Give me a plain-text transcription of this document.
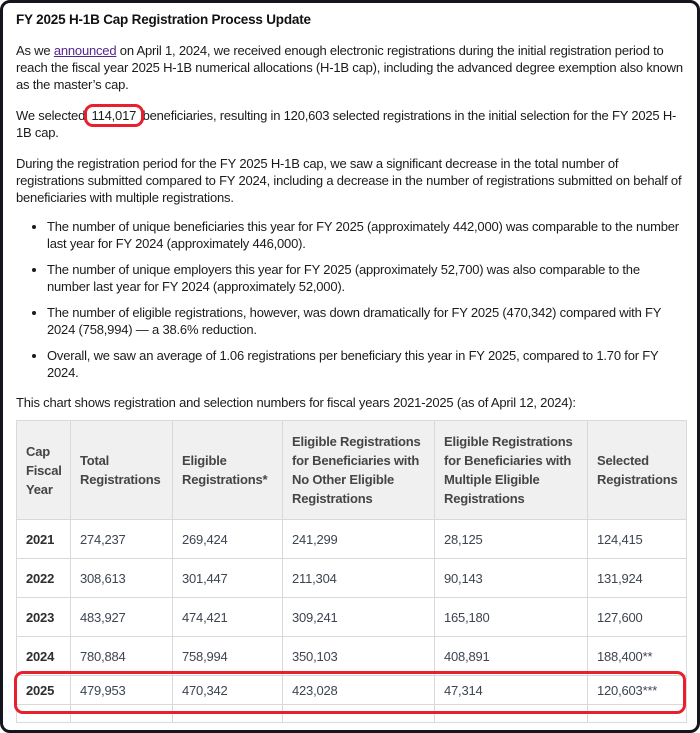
FY 2025 H-1B Cap Registration Process Update

As we announced on April 1, 2024, we received enough electronic registrations during the initial registration period to reach the fiscal year 2025 H-1B numerical allocations (H-1B cap), including the advanced degree exemption also known as the master’s cap.

We selected 114,017 beneficiaries, resulting in 120,603 selected registrations in the initial selection for the FY 2025 H-1B cap.

During the registration period for the FY 2025 H-1B cap, we saw a significant decrease in the total number of registrations submitted compared to FY 2024, including a decrease in the number of registrations submitted on behalf of beneficiaries with multiple registrations.

• The number of unique beneficiaries this year for FY 2025 (approximately 442,000) was comparable to the number last year for FY 2024 (approximately 446,000).
• The number of unique employers this year for FY 2025 (approximately 52,700) was also comparable to the number last year for FY 2024 (approximately 52,000).
• The number of eligible registrations, however, was down dramatically for FY 2025 (470,342) compared with FY 2024 (758,994) — a 38.6% reduction.
• Overall, we saw an average of 1.06 registrations per beneficiary this year in FY 2025, compared to 1.70 for FY 2024.

This chart shows registration and selection numbers for fiscal years 2021-2025 (as of April 12, 2024):

Cap Fiscal Year	Total Registrations	Eligible Registrations*	Eligible Registrations for Beneficiaries with No Other Eligible Registrations	Eligible Registrations for Beneficiaries with Multiple Eligible Registrations	Selected Registrations
2021	274,237	269,424	241,299	28,125	124,415
2022	308,613	301,447	211,304	90,143	131,924
2023	483,927	474,421	309,241	165,180	127,600
2024	780,884	758,994	350,103	408,891	188,400**
2025	479,953	470,342	423,028	47,314	120,603***
